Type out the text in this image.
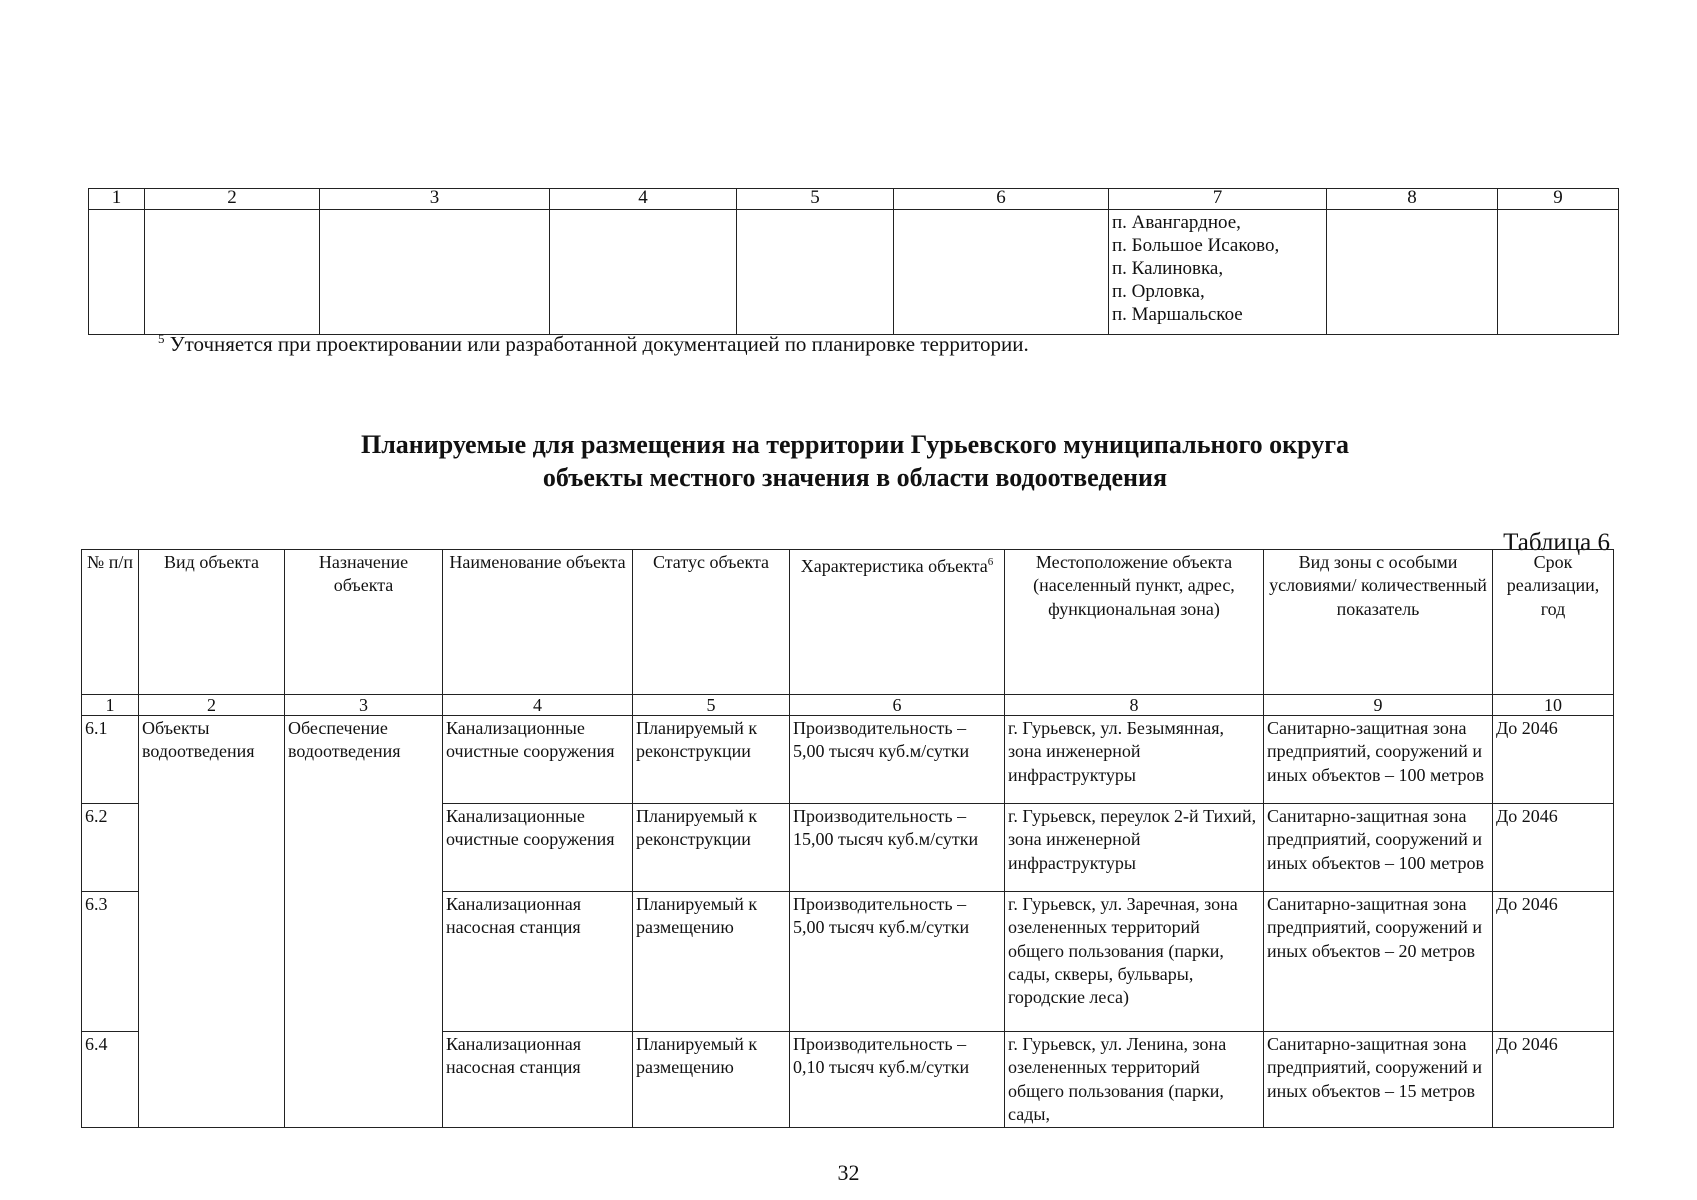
1	2	3	4	5	6	7	8	9

						п. Авангардное,
п. Большое Исаково,
п. Калиновка,
п. Орловка,
п. Маршальское		

$^5$ Уточняется при проектировании или разработанной документацией по планировке территории.
Планируемые для размещения на территории Гурьевского муниципального округа
объекты местного значения в области водоотведения
Таблица 6
№ п/п	Вид объекта	Назначение объекта	Наименование объекта	Статус объекта	Характеристика объекта$^6$	Местоположение объекта (населенный пункт, адрес, функциональная зона)	Вид зоны с особыми условиями/ количественный показатель	Срок реализации, год
1	2	3	4	5	6	8	9	10
6.1	Объекты водоотведения	Обеспечение водоотведения	Канализационные очистные сооружения	Планируемый к реконструкции	Производительность – 5,00 тысяч куб.м/сутки	г. Гурьевск, ул. Безымянная, зона инженерной инфраструктуры	Санитарно-защитная зона предприятий, сооружений и иных объектов – 100 метров	До 2046
6.2			Канализационные очистные сооружения	Планируемый к реконструкции	Производительность – 15,00 тысяч куб.м/сутки	г. Гурьевск, переулок 2-й Тихий, зона инженерной инфраструктуры	Санитарно-защитная зона предприятий, сооружений и иных объектов – 100 метров	До 2046
6.3			Канализационная насосная станция	Планируемый к размещению	Производительность – 5,00 тысяч куб.м/сутки	г. Гурьевск, ул. Заречная, зона озелененных территорий общего пользования (парки, сады, скверы, бульвары, городские леса)	Санитарно-защитная зона предприятий, сооружений и иных объектов – 20 метров	До 2046
6.4			Канализационная насосная станция	Планируемый к размещению	Производительность – 0,10 тысяч куб.м/сутки	г. Гурьевск, ул. Ленина, зона озелененных территорий общего пользования (парки, сады,	Санитарно-защитная зона предприятий, сооружений и иных объектов – 15 метров	До 2046
32
